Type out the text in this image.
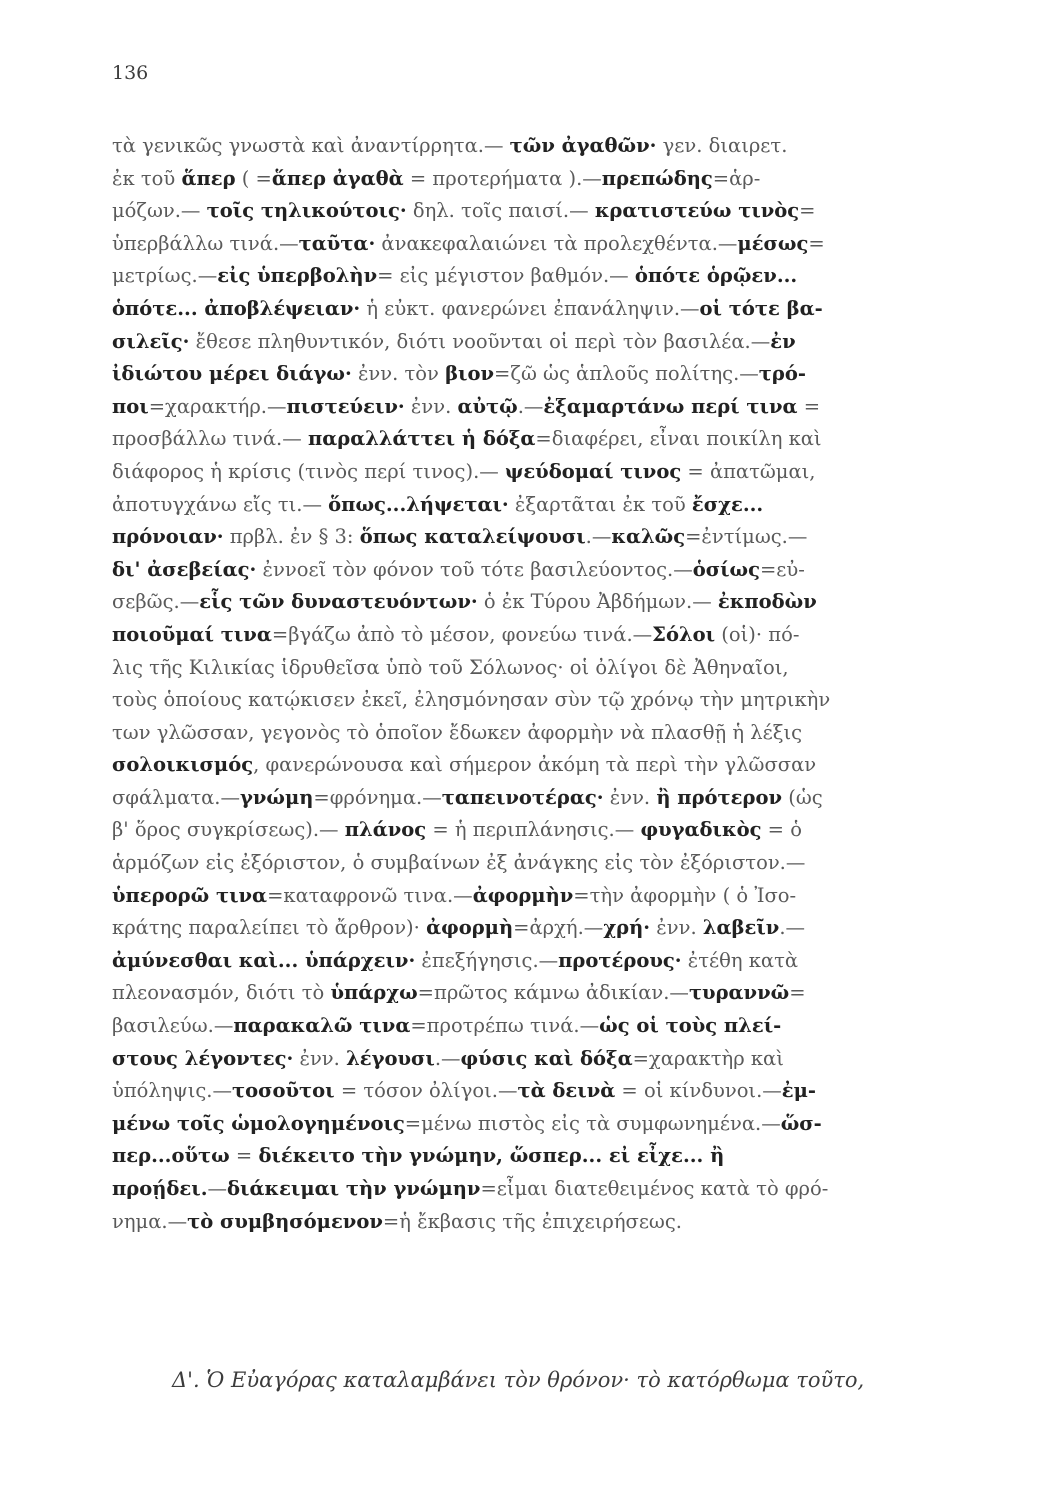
136
τὰ γενικῶς γνωστὰ καὶ ἀναντίρρητα.— τῶν ἀγαθῶν· γεν. διαιρετ.
ἐκ τοῦ ἅπερ ( =ἅπερ ἀγαθὰ = προτερήματα ).—πρεπώδης=ἁρ-
μόζων.— τοῖς τηλικούτοις· δηλ. τοῖς παισί.— κρατιστεύω τινὸς=
ὑπερβάλλω τινά.—ταῦτα· ἀνακεφαλαιώνει τὰ προλεχθέντα.—μέσως=
μετρίως.—εἰς ὑπερβολὴν= εἰς μέγιστον βαθμόν.— ὁπότε ὁρῷεν...
ὁπότε... ἀποβλέψειαν· ἡ εὐκτ. φανερώνει ἐπανάληψιν.—οἱ τότε βα-
σιλεῖς· ἔθεσε πληθυντικόν, διότι νοοῦνται οἱ περὶ τὸν βασιλέα.—ἐν
ἰδιώτου μέρει διάγω· ἐνν. τὸν βιον=ζῶ ὡς ἁπλοῦς πολίτης.—τρό-
ποι=χαρακτήρ.—πιστεύειν· ἐνν. αὐτῷ.—ἐξαμαρτάνω περί τινα =
προσβάλλω τινά.— παραλλάττει ἡ δόξα=διαφέρει, εἶναι ποικίλη καὶ
διάφορος ἡ κρίσις (τινὸς περί τινος).— ψεύδομαί τινος = ἀπατῶμαι,
ἀποτυγχάνω εἴς τι.— ὅπως...λήψεται· ἐξαρτᾶται ἐκ τοῦ ἔσχε...
πρόνοιαν· πρβλ. ἐν § 3: ὅπως καταλείψουσι.—καλῶς=ἐντίμως.—
δι' ἀσεβείας· ἐννοεῖ τὸν φόνον τοῦ τότε βασιλεύοντος.—ὁσίως=εὐ-
σεβῶς.—εἷς τῶν δυναστευόντων· ὁ ἐκ Τύρου Ἀβδήμων.— ἐκποδὼν
ποιοῦμαί τινα=βγάζω ἀπὸ τὸ μέσον, φονεύω τινά.—Σόλοι (οἱ)· πό-
λις τῆς Κιλικίας ἱδρυθεῖσα ὑπὸ τοῦ Σόλωνος· οἱ ὀλίγοι δὲ Ἀθηναῖοι,
τοὺς ὁποίους κατῴκισεν ἐκεῖ, ἐλησμόνησαν σὺν τῷ χρόνῳ τὴν μητρικὴν
των γλῶσσαν, γεγονὸς τὸ ὁποῖον ἔδωκεν ἀφορμὴν νὰ πλασθῇ ἡ λέξις
σολοικισμός, φανερώνουσα καὶ σήμερον ἀκόμη τὰ περὶ τὴν γλῶσσαν
σφάλματα.—γνώμη=φρόνημα.—ταπεινοτέρας· ἐνν. ἢ πρότερον (ὡς
β' ὅρος συγκρίσεως).— πλάνος = ἡ περιπλάνησις.— φυγαδικὸς = ὁ
ἁρμόζων εἰς ἐξόριστον, ὁ συμβαίνων ἐξ ἀνάγκης εἰς τὸν ἐξόριστον.—
ὑπερορῶ τινα=καταφρονῶ τινα.—ἀφορμὴν=τὴν ἀφορμὴν ( ὁ Ἰσο-
κράτης παραλείπει τὸ ἄρθρον)· ἀφορμὴ=ἀρχή.—χρή· ἐνν. λαβεῖν.—
ἀμύνεσθαι καὶ... ὑπάρχειν· ἐπεξήγησις.—προτέρους· ἐτέθη κατὰ
πλεονασμόν, διότι τὸ ὑπάρχω=πρῶτος κάμνω ἀδικίαν.—τυραννῶ=
βασιλεύω.—παρακαλῶ τινα=προτρέπω τινά.—ὡς οἱ τοὺς πλεί-
στους λέγοντες· ἐνν. λέγουσι.—φύσις καὶ δόξα=χαρακτὴρ καὶ
ὑπόληψις.—τοσοῦτοι = τόσον ὀλίγοι.—τὰ δεινὰ = οἱ κίνδυνοι.—ἐμ-
μένω τοῖς ὡμολογημένοις=μένω πιστὸς εἰς τὰ συμφωνημένα.—ὥσ-
περ...οὕτω = διέκειτο τὴν γνώμην, ὥσπερ... εἰ εἶχε... ἢ
προῄδει.—διάκειμαι τὴν γνώμην=εἶμαι διατεθειμένος κατὰ τὸ φρό-
νημα.—τὸ συμβησόμενον=ἡ ἔκβασις τῆς ἐπιχειρήσεως.
Δ'. Ὁ Εὐαγόρας καταλαμβάνει τὸν θρόνον· τὸ κατόρθωμα τοῦτο,
